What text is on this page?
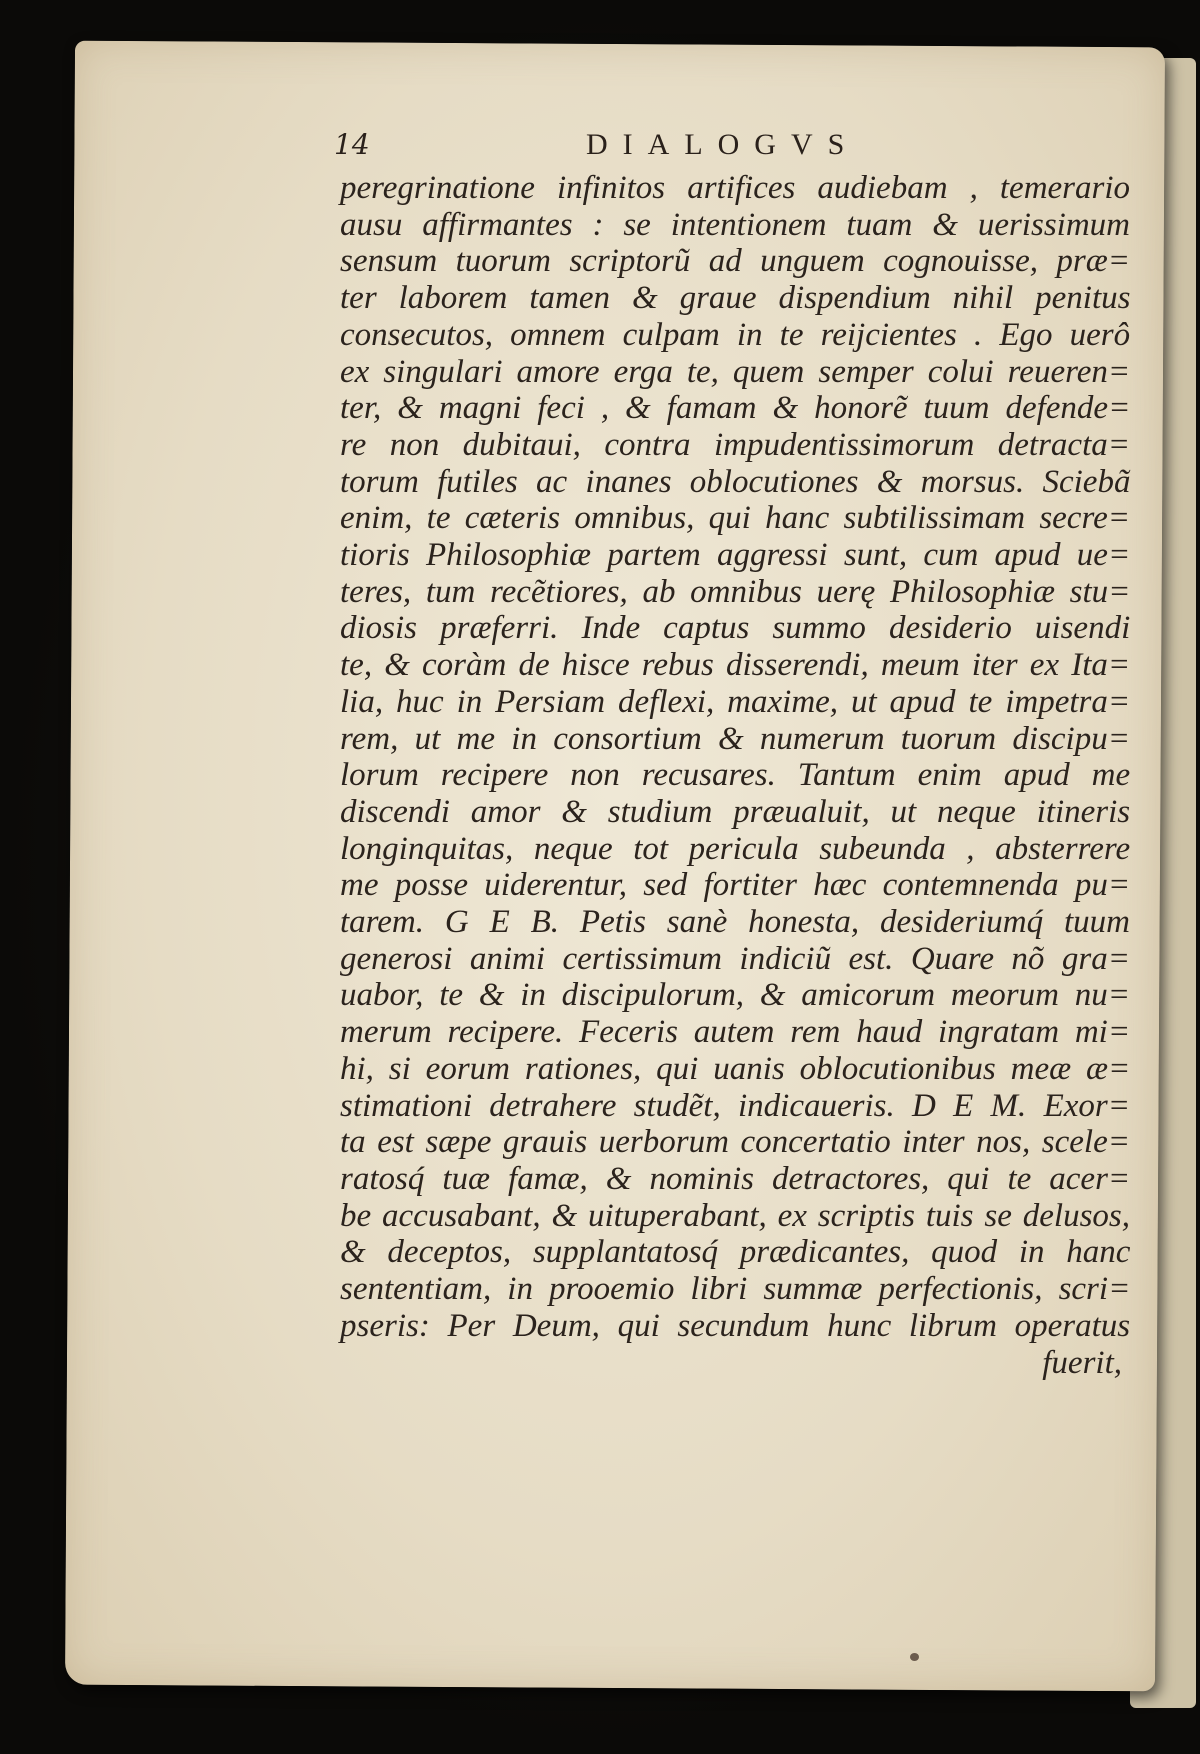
14	DIALOGVS
peregrinatione infinitos artifices audiebam , temerario
ausu affirmantes : se intentionem tuam & uerissimum
sensum tuorum scriptorũ ad unguem cognouisse, præ=
ter laborem tamen & graue dispendium nihil penitus
consecutos, omnem culpam in te reijcientes . Ego uerô
ex singulari amore erga te, quem semper colui reueren=
ter, & magni feci , & famam & honorẽ tuum defende=
re non dubitaui, contra impudentissimorum detracta=
torum futiles ac inanes oblocutiones & morsus. Sciebã
enim, te cæteris omnibus, qui hanc subtilissimam secre=
tioris Philosophiæ partem aggressi sunt, cum apud ue=
teres, tum recẽtiores, ab omnibus uerę Philosophiæ stu=
diosis præferri. Inde captus summo desiderio uisendi
te, & coràm de hisce rebus disserendi, meum iter ex Ita=
lia, huc in Persiam deflexi, maxime, ut apud te impetra=
rem, ut me in consortium & numerum tuorum discipu=
lorum recipere non recusares. Tantum enim apud me
discendi amor & studium præualuit, ut neque itineris
longinquitas, neque tot pericula subeunda , absterrere
me posse uiderentur, sed fortiter hæc contemnenda pu=
tarem. G E B. Petis sanè honesta, desideriumq́ tuum
generosi animi certissimum indiciũ est. Quare nõ gra=
uabor, te & in discipulorum, & amicorum meorum nu=
merum recipere. Feceris autem rem haud ingratam mi=
hi, si eorum rationes, qui uanis oblocutionibus meæ æ=
stimationi detrahere studẽt, indicaueris. D E M. Exor=
ta est sæpe grauis uerborum concertatio inter nos, scele=
ratosq́ tuæ famæ, & nominis detractores, qui te acer=
be accusabant, & uituperabant, ex scriptis tuis se delusos,
& deceptos, supplantatosq́ prædicantes, quod in hanc
sententiam, in prooemio libri summæ perfectionis, scri=
pseris: Per Deum, qui secundum hunc librum operatus
fuerit,
